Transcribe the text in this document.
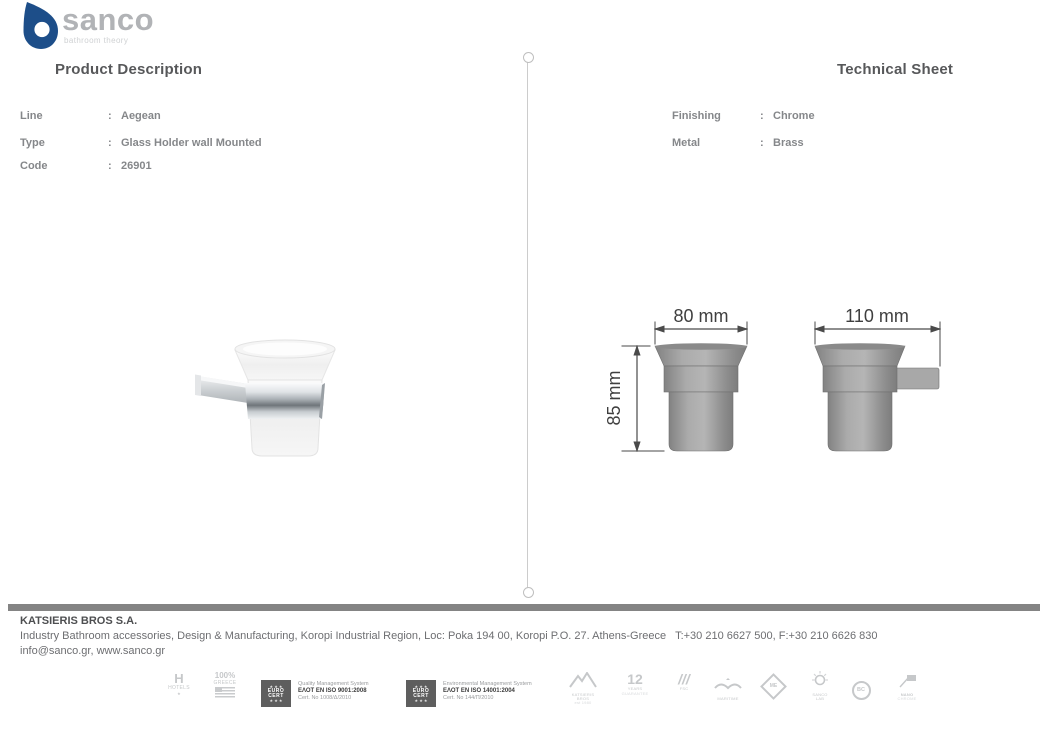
sanco
bathroom theory
Product Description	Technical Sheet
Line	: Aegean
Type	: Glass Holder wall Mounted
Code	: 26901
Finishing	: Chrome
Metal	: Brass
80 mm
85 mm
110 mm
KATSIERIS BROS S.A.
Industry Bathroom accessories, Design & Manufacturing, Koropi Industrial Region, Loc: Poka 194 00, Koropi P.O. 27. Athens-Greece   T:+30 210 6627 500, F:+30 210 6626 830
info@sanco.gr, www.sanco.gr
H
HOTELS
★
100%
GREECE
★ ★ ★
EURO
CERT
★ ★ ★
Quality Management System
ΕΛΟΤ EN ISO 9001:2008
Cert. No 1008/Δ/2010
★ ★ ★
EURO
CERT
★ ★ ★
Environmental Management System
ΕΛΟΤ EN ISO 14001:2004
Cert. No 144/Π/2010
KATSIERIS
BROS
est 1980
12
YEARS
GUARANTEE
///
FSC
MARITIME
ME
SANCO
LAB
BC
NANO
CHROME
